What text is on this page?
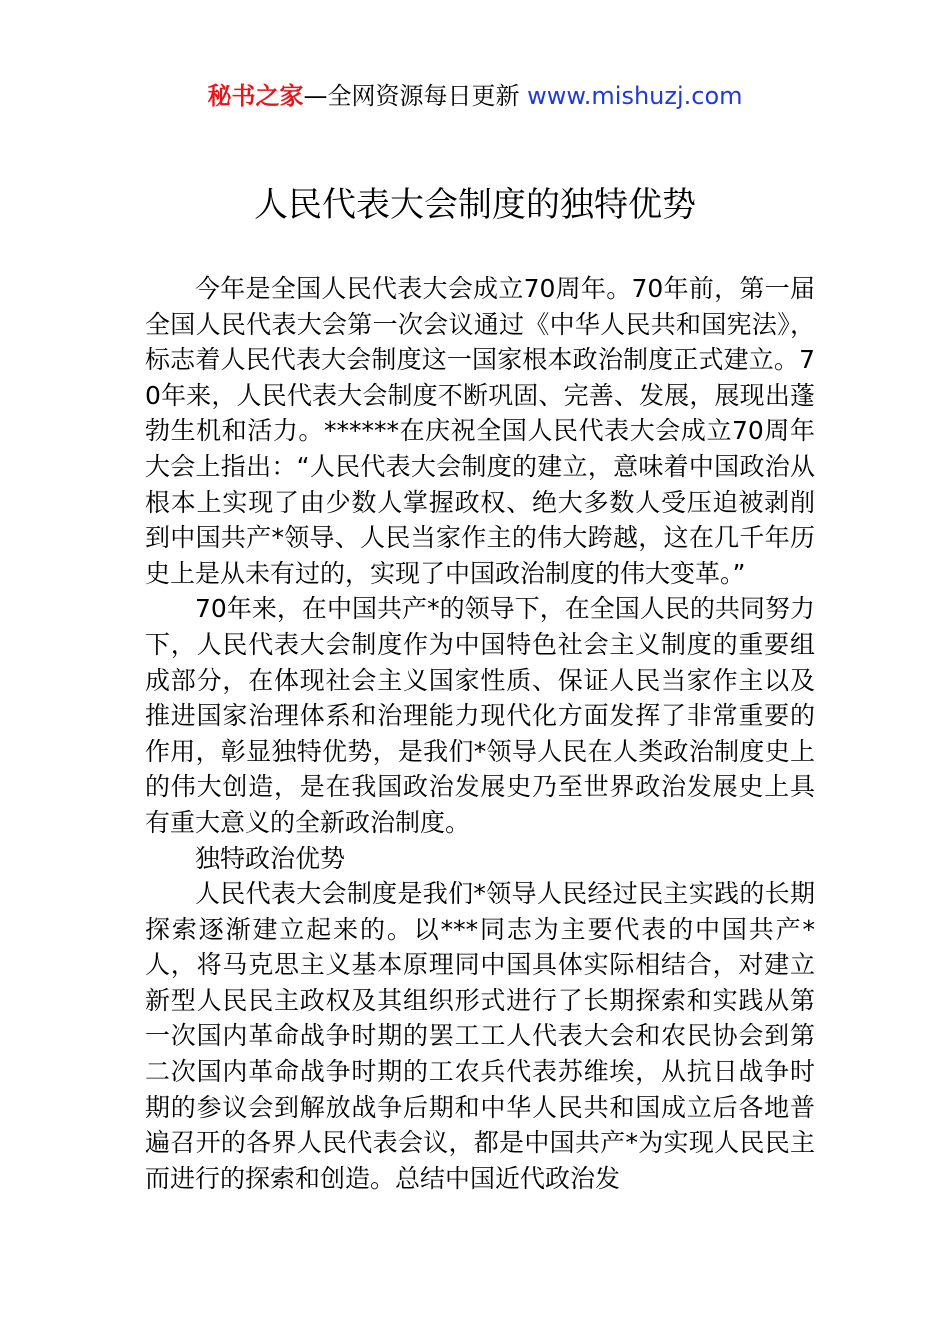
秘书之家—全网资源每日更新 www.mishuzj.com
人民代表大会制度的独特优势

今年是全国人民代表大会成立70周年。70年前，第一届全国人民代表大会第一次会议通过《中华人民共和国宪法》，标志着人民代表大会制度这一国家根本政治制度正式建立。70年来，人民代表大会制度不断巩固、完善、发展，展现出蓬勃生机和活力。******在庆祝全国人民代表大会成立70周年大会上指出：“人民代表大会制度的建立，意味着中国政治从根本上实现了由少数人掌握政权、绝大多数人受压迫被剥削到中国共产*领导、人民当家作主的伟大跨越，这在几千年历史上是从未有过的，实现了中国政治制度的伟大变革。”

70年来，在中国共产*的领导下，在全国人民的共同努力下，人民代表大会制度作为中国特色社会主义制度的重要组成部分，在体现社会主义国家性质、保证人民当家作主以及推进国家治理体系和治理能力现代化方面发挥了非常重要的作用，彰显独特优势，是我们*领导人民在人类政治制度史上的伟大创造，是在我国政治发展史乃至世界政治发展史上具有重大意义的全新政治制度。

独特政治优势

人民代表大会制度是我们*领导人民经过民主实践的长期探索逐渐建立起来的。以***同志为主要代表的中国共产*人，将马克思主义基本原理同中国具体实际相结合，对建立新型人民民主政权及其组织形式进行了长期探索和实践从第一次国内革命战争时期的罢工工人代表大会和农民协会到第二次国内革命战争时期的工农兵代表苏维埃，从抗日战争时期的参议会到解放战争后期和中华人民共和国成立后各地普遍召开的各界人民代表会议，都是中国共产*为实现人民民主而进行的探索和创造。总结中国近代政治发
